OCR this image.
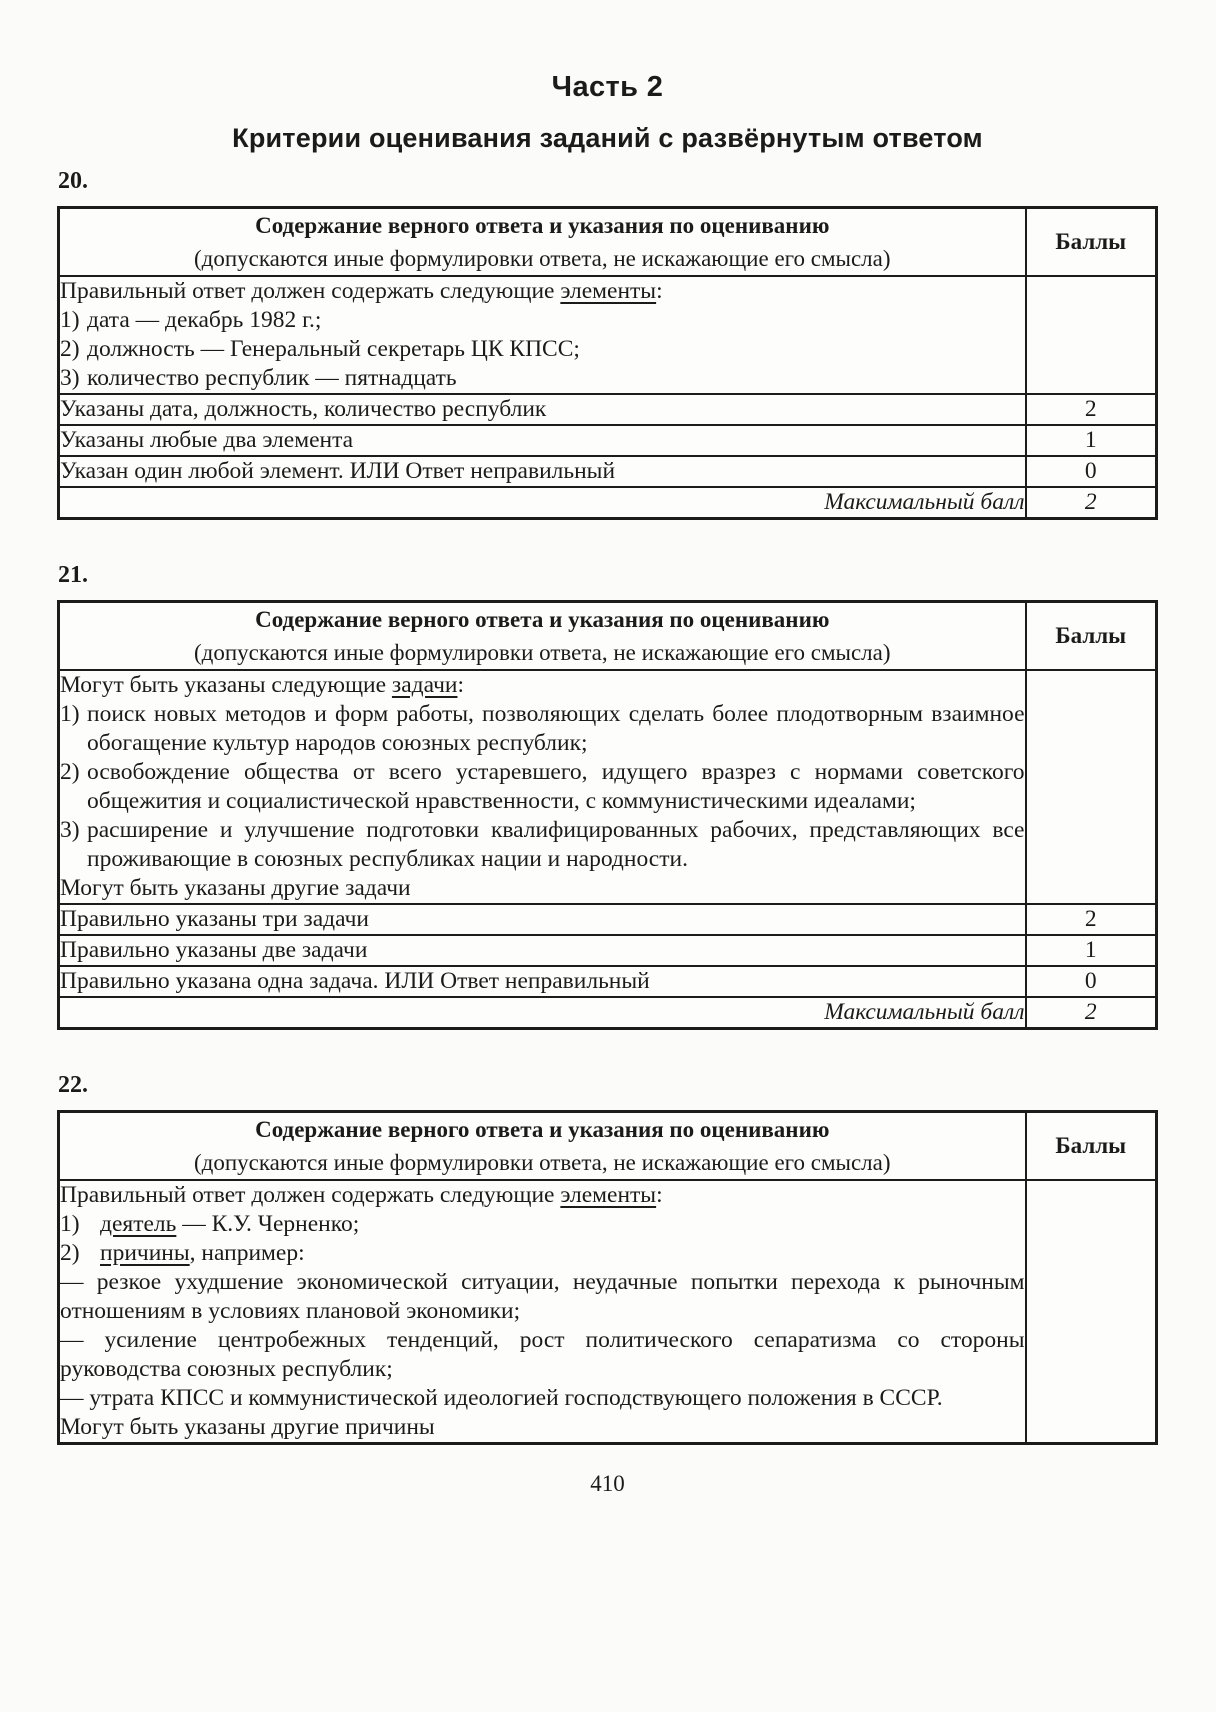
Часть 2
Критерии оценивания заданий с развёрнутым ответом
20.
Содержание верного ответа и указания по оцениванию
(допускаются иные формулировки ответа, не искажающие его смысла)	Баллы

Правильный ответ должен содержать следующие элементы:

1) дата — декабрь 1982 г.;

2) должность — Генеральный секретарь ЦК КПСС;

3) количество республик — пятнадцать	

Указаны дата, должность, количество республик	2
Указаны любые два элемента	1
Указан один любой элемент. ИЛИ Ответ неправильный	0
Максимальный балл	2
21.
Содержание верного ответа и указания по оцениванию
(допускаются иные формулировки ответа, не искажающие его смысла)	Баллы

Могут быть указаны следующие задачи:

1) поиск новых методов и форм работы, позволяющих сделать более плодотворным взаимное обогащение культур народов союзных республик;

2) освобождение общества от всего устаревшего, идущего вразрез с нормами советского общежития и социалистической нравственности, с коммунистическими идеалами;

3) расширение и улучшение подготовки квалифицированных рабочих, представляющих все проживающие в союзных республиках нации и народности.

Могут быть указаны другие задачи	

Правильно указаны три задачи	2
Правильно указаны две задачи	1
Правильно указана одна задача. ИЛИ Ответ неправильный	0
Максимальный балл	2
22.
Содержание верного ответа и указания по оцениванию
(допускаются иные формулировки ответа, не искажающие его смысла)	Баллы

Правильный ответ должен содержать следующие элементы:

1) деятель — К.У. Черненко;

2) причины, например:

— резкое ухудшение экономической ситуации, неудачные попытки перехода к рыночным отношениям в условиях плановой экономики;

— усиление центробежных тенденций, рост политического сепаратизма со стороны руководства союзных республик;

— утрата КПСС и коммунистической идеологией господствующего положения в СССР.

Могут быть указаны другие причины

410
